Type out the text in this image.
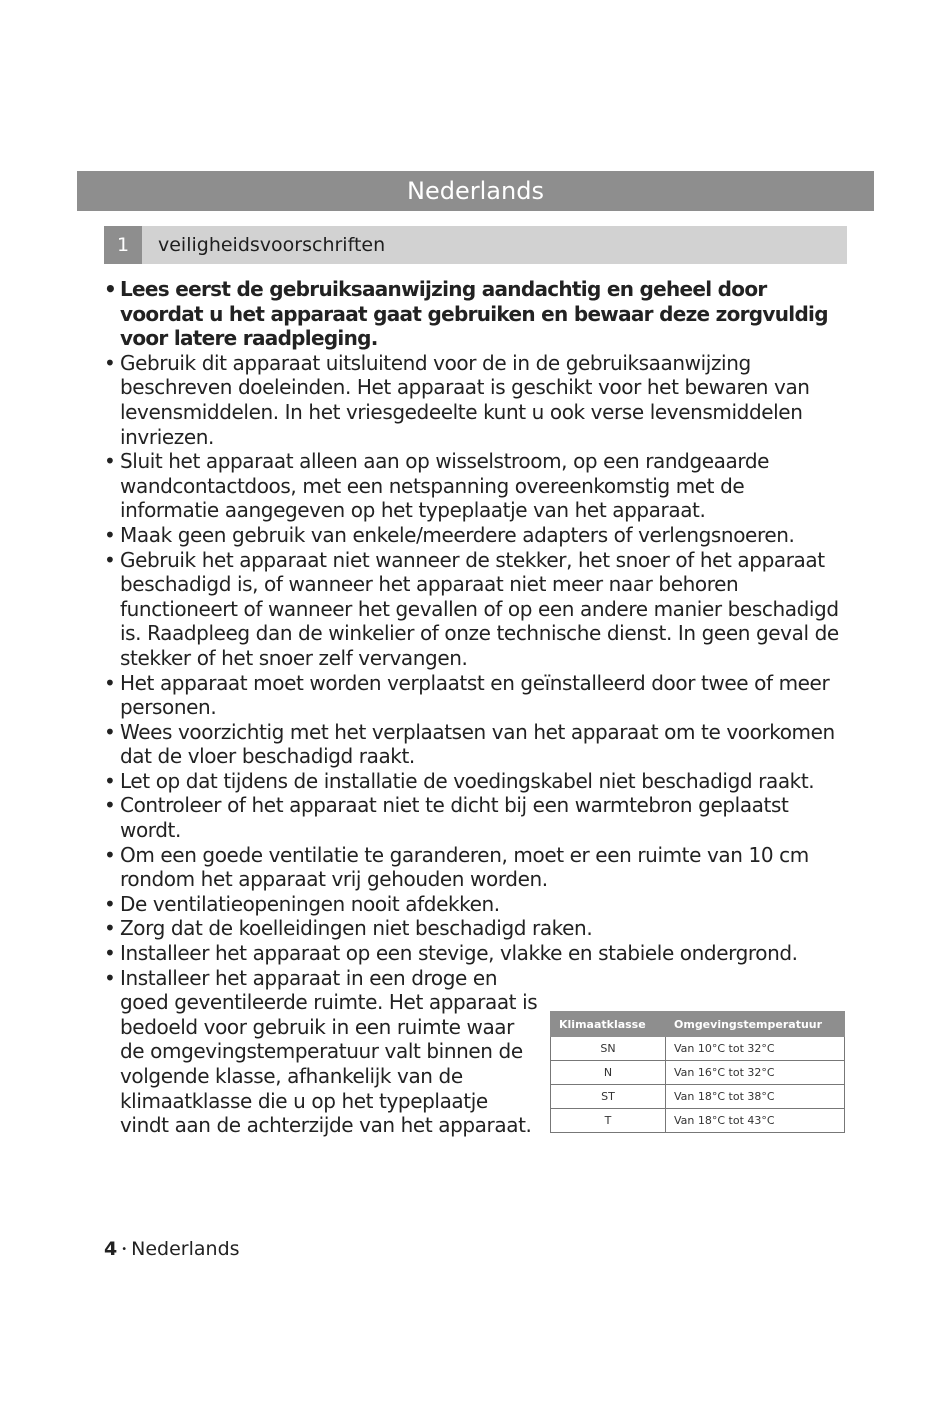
Nederlands
1	veiligheidsvoorschriften
• Lees eerst de gebruiksaanwijzing aandachtig en geheel door voordat u het apparaat gaat gebruiken en bewaar deze zorgvuldig voor latere raadpleging.
• Gebruik dit apparaat uitsluitend voor de in de gebruiksaanwijzing beschreven doeleinden. Het apparaat is geschikt voor het bewaren van levensmiddelen. In het vriesgedeelte kunt u ook verse levensmiddelen invriezen.
• Sluit het apparaat alleen aan op wisselstroom, op een randgeaarde wandcontactdoos, met een netspanning overeenkomstig met de informatie aangegeven op het typeplaatje van het apparaat.
• Maak geen gebruik van enkele/meerdere adapters of verlengsnoeren.
• Gebruik het apparaat niet wanneer de stekker, het snoer of het apparaat beschadigd is, of wanneer het apparaat niet meer naar behoren functioneert of wanneer het gevallen of op een andere manier beschadigd is. Raadpleeg dan de winkelier of onze technische dienst. In geen geval de stekker of het snoer zelf vervangen.
• Het apparaat moet worden verplaatst en geïnstalleerd door twee of meer personen.
• Wees voorzichtig met het verplaatsen van het apparaat om te voorkomen dat de vloer beschadigd raakt.
• Let op dat tijdens de installatie de voedingskabel niet beschadigd raakt.
• Controleer of het apparaat niet te dicht bij een warmtebron geplaatst wordt.
• Om een goede ventilatie te garanderen, moet er een ruimte van 10 cm rondom het apparaat vrij gehouden worden.
• De ventilatieopeningen nooit afdekken.
• Zorg dat de koelleidingen niet beschadigd raken.
• Installeer het apparaat op een stevige, vlakke en stabiele ondergrond.
• Installeer het apparaat in een droge en goed geventileerde ruimte. Het apparaat is bedoeld voor gebruik in een ruimte waar de omgevingstemperatuur valt binnen de volgende klasse, afhankelijk van de klimaatklasse die u op het typeplaatje vindt aan de achterzijde van het apparaat.
Klimaatklasse	Omgevingstemperatuur
SN	Van 10°C tot 32°C
N	Van 16°C tot 32°C
ST	Van 18°C tot 38°C
T	Van 18°C tot 43°C
4 • Nederlands
